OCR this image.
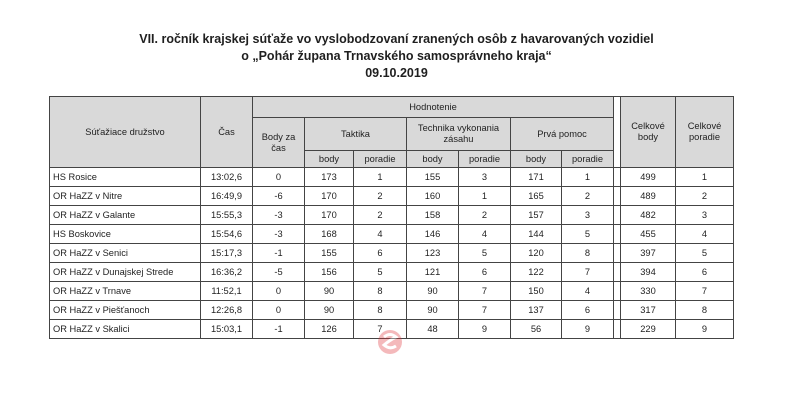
VII. ročník krajskej súťaže vo vyslobodzovaní zranených osôb z havarovaných vozidiel
o „Pohár župana Trnavského samosprávneho kraja“
09.10.2019
Súťažiace družstvo	Čas	Hodnotenie								Celkové body	Celkové poradie
		Body za čas	Taktika		Technika vykonania zásahu		Prvá pomoc				
			body	poradie	body	poradie	body	poradie			
HS Rosice	13:02,6	0	173	1	155	3	171	1		499	1
OR HaZZ v Nitre	16:49,9	-6	170	2	160	1	165	2		489	2
OR HaZZ v Galante	15:55,3	-3	170	2	158	2	157	3		482	3
HS Boskovice	15:54,6	-3	168	4	146	4	144	5		455	4
OR HaZZ v Senici	15:17,3	-1	155	6	123	5	120	8		397	5
OR HaZZ v Dunajskej Strede	16:36,2	-5	156	5	121	6	122	7		394	6
OR HaZZ v Trnave	11:52,1	0	90	8	90	7	150	4		330	7
OR HaZZ v Piešťanoch	12:26,8	0	90	8	90	7	137	6		317	8
OR HaZZ v Skalici	15:03,1	-1	126	7	48	9	56	9		229	9
